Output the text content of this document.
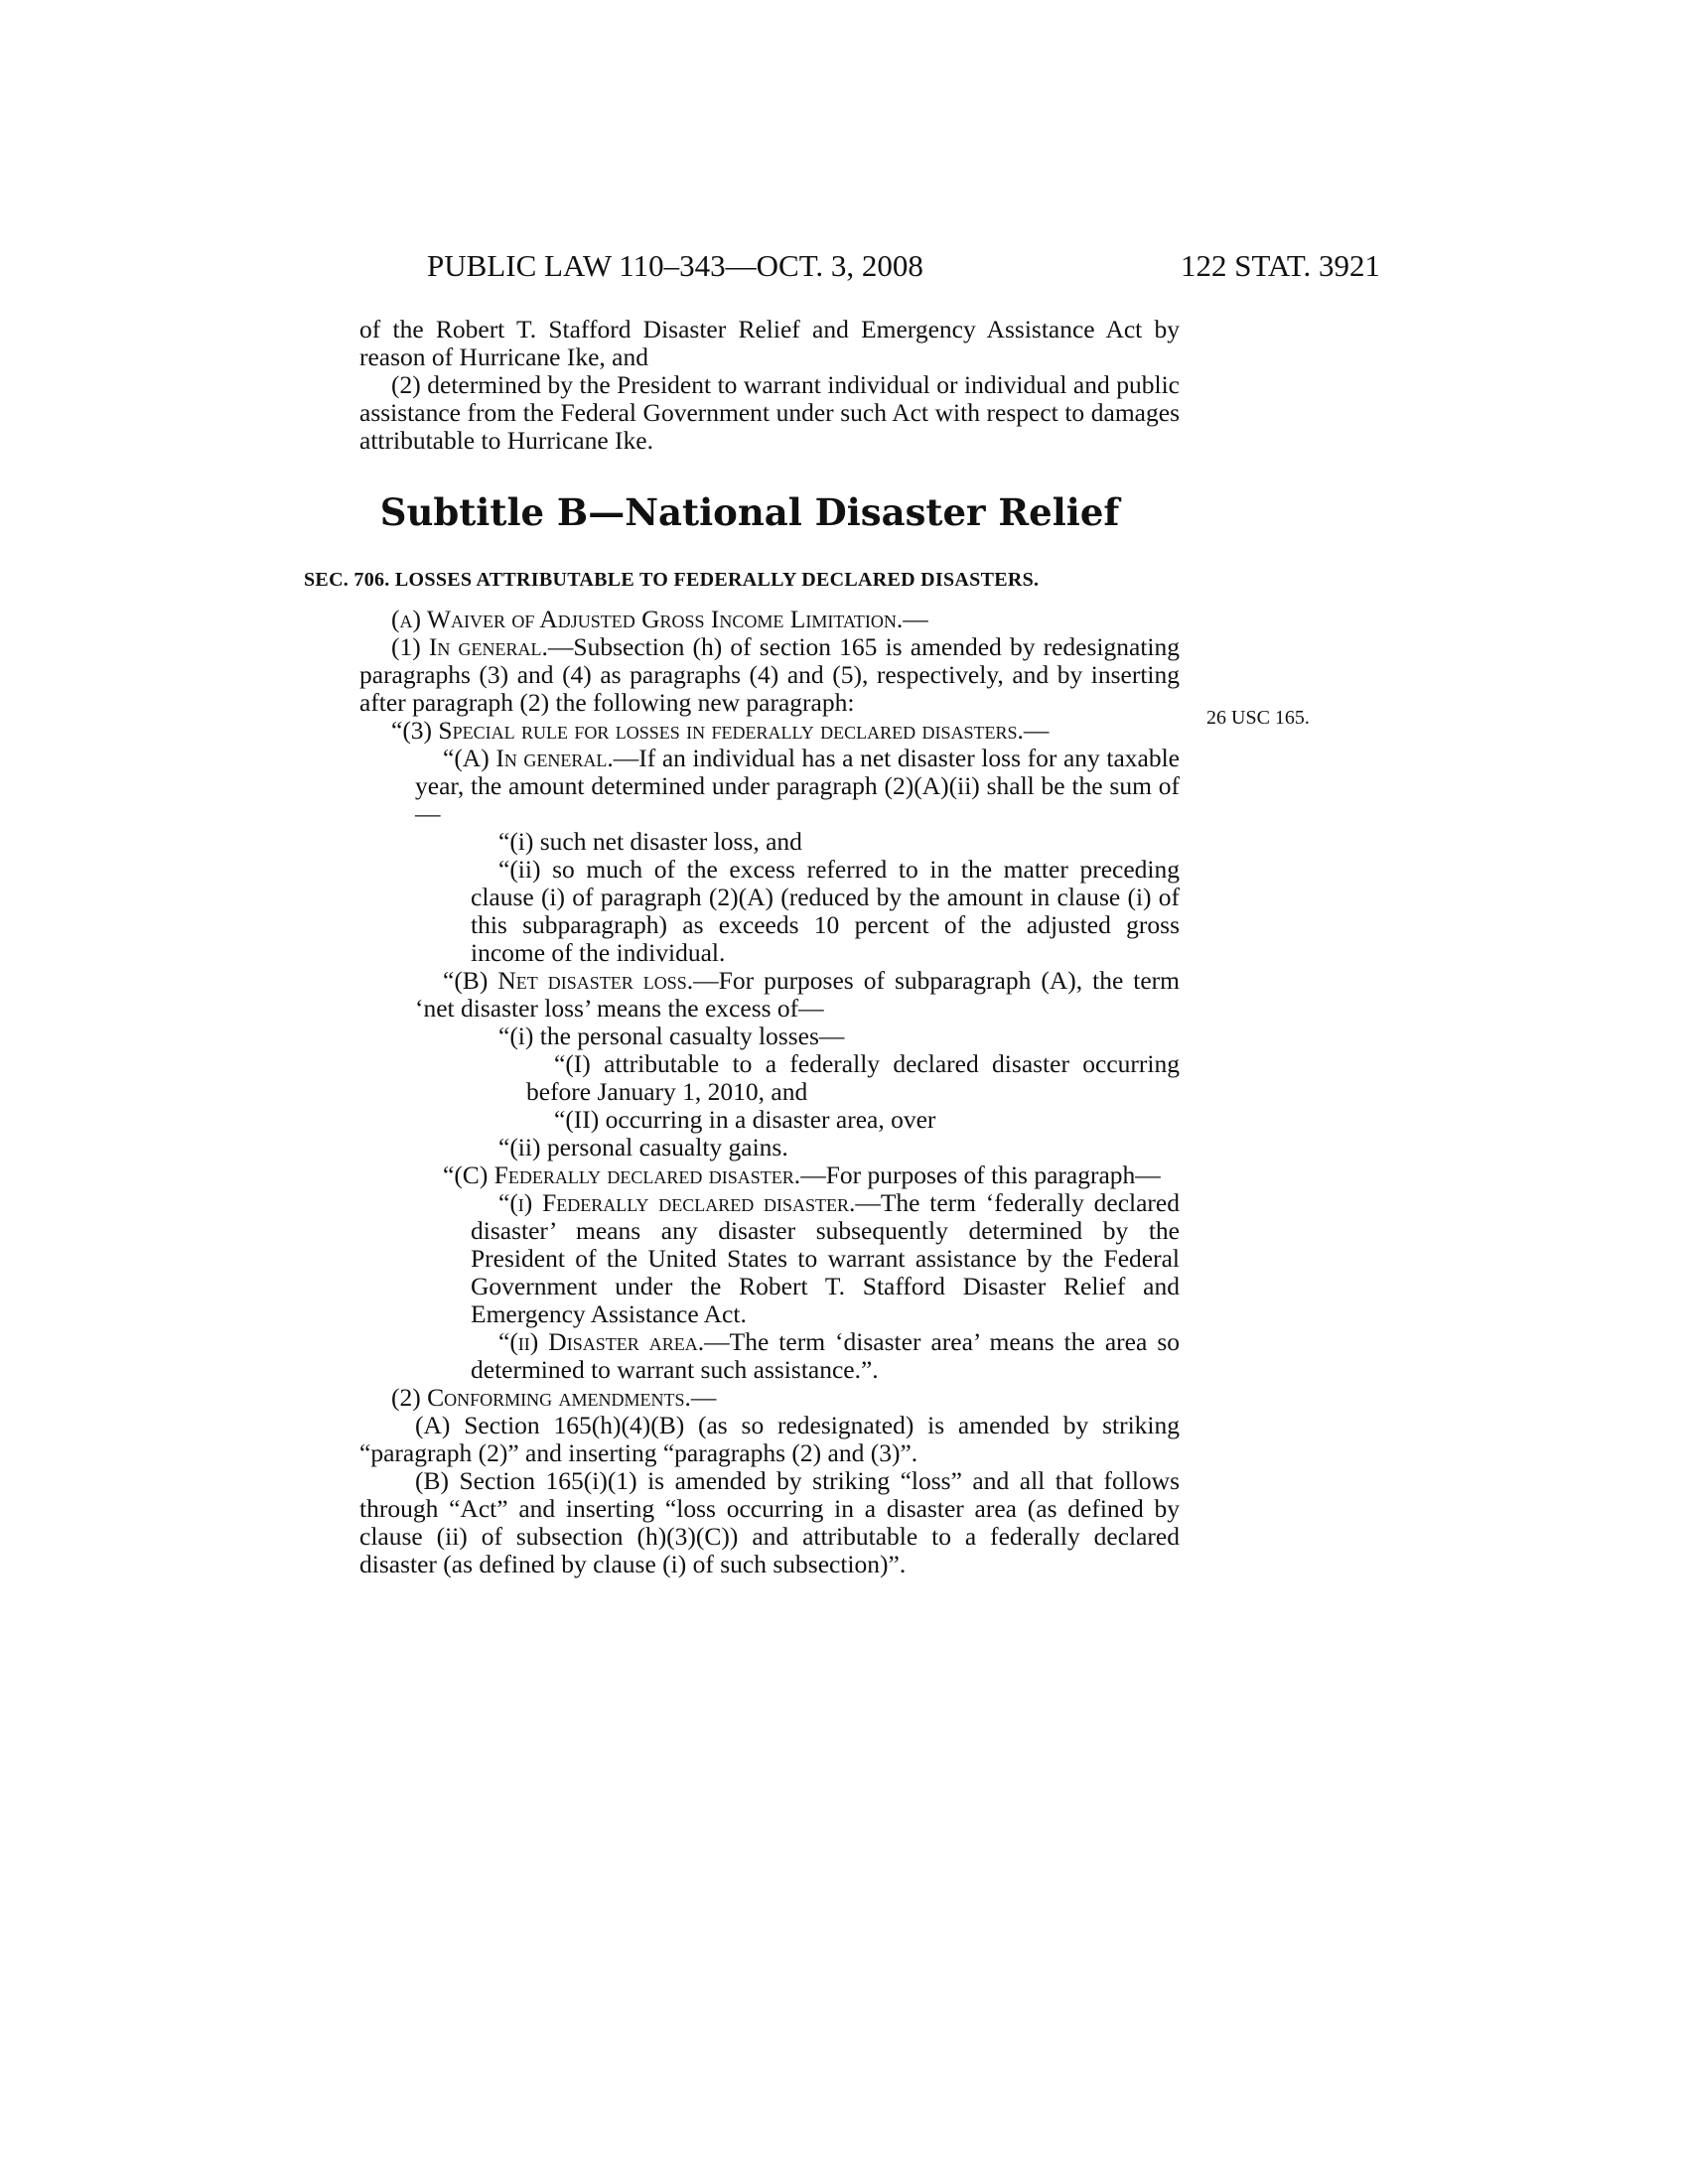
PUBLIC LAW 110–343—OCT. 3, 2008	122 STAT. 3921
26 USC 165.

of the Robert T. Stafford Disaster Relief and Emergency Assistance Act by reason of Hurricane Ike, and

(2) determined by the President to warrant individual or individual and public assistance from the Federal Government under such Act with respect to damages attributable to Hurricane Ike.

Subtitle B—National Disaster Relief
SEC. 706. LOSSES ATTRIBUTABLE TO FEDERALLY DECLARED DISASTERS.

(a) Waiver of Adjusted Gross Income Limitation.—

(1) In general.—Subsection (h) of section 165 is amended by redesignating paragraphs (3) and (4) as paragraphs (4) and (5), respectively, and by inserting after paragraph (2) the following new paragraph:

“(3) Special rule for losses in federally declared disasters.—

“(A) In general.—If an individual has a net disaster loss for any taxable year, the amount determined under paragraph (2)(A)(ii) shall be the sum of—

“(i) such net disaster loss, and

“(ii) so much of the excess referred to in the matter preceding clause (i) of paragraph (2)(A) (reduced by the amount in clause (i) of this subparagraph) as exceeds 10 percent of the adjusted gross income of the individual.

“(B) Net disaster loss.—For purposes of subparagraph (A), the term ‘net disaster loss’ means the excess of—

“(i) the personal casualty losses—

“(I) attributable to a federally declared disaster occurring before January 1, 2010, and

“(II) occurring in a disaster area, over

“(ii) personal casualty gains.

“(C) Federally declared disaster.—For purposes of this paragraph—

“(i) Federally declared disaster.—The term ‘federally declared disaster’ means any disaster subsequently determined by the President of the United States to warrant assistance by the Federal Government under the Robert T. Stafford Disaster Relief and Emergency Assistance Act.

“(ii) Disaster area.—The term ‘disaster area’ means the area so determined to warrant such assistance.”.

(2) Conforming amendments.—

(A) Section 165(h)(4)(B) (as so redesignated) is amended by striking “paragraph (2)” and inserting “paragraphs (2) and (3)”.

(B) Section 165(i)(1) is amended by striking “loss” and all that follows through “Act” and inserting “loss occurring in a disaster area (as defined by clause (ii) of subsection (h)(3)(C)) and attributable to a federally declared disaster (as defined by clause (i) of such subsection)”.
